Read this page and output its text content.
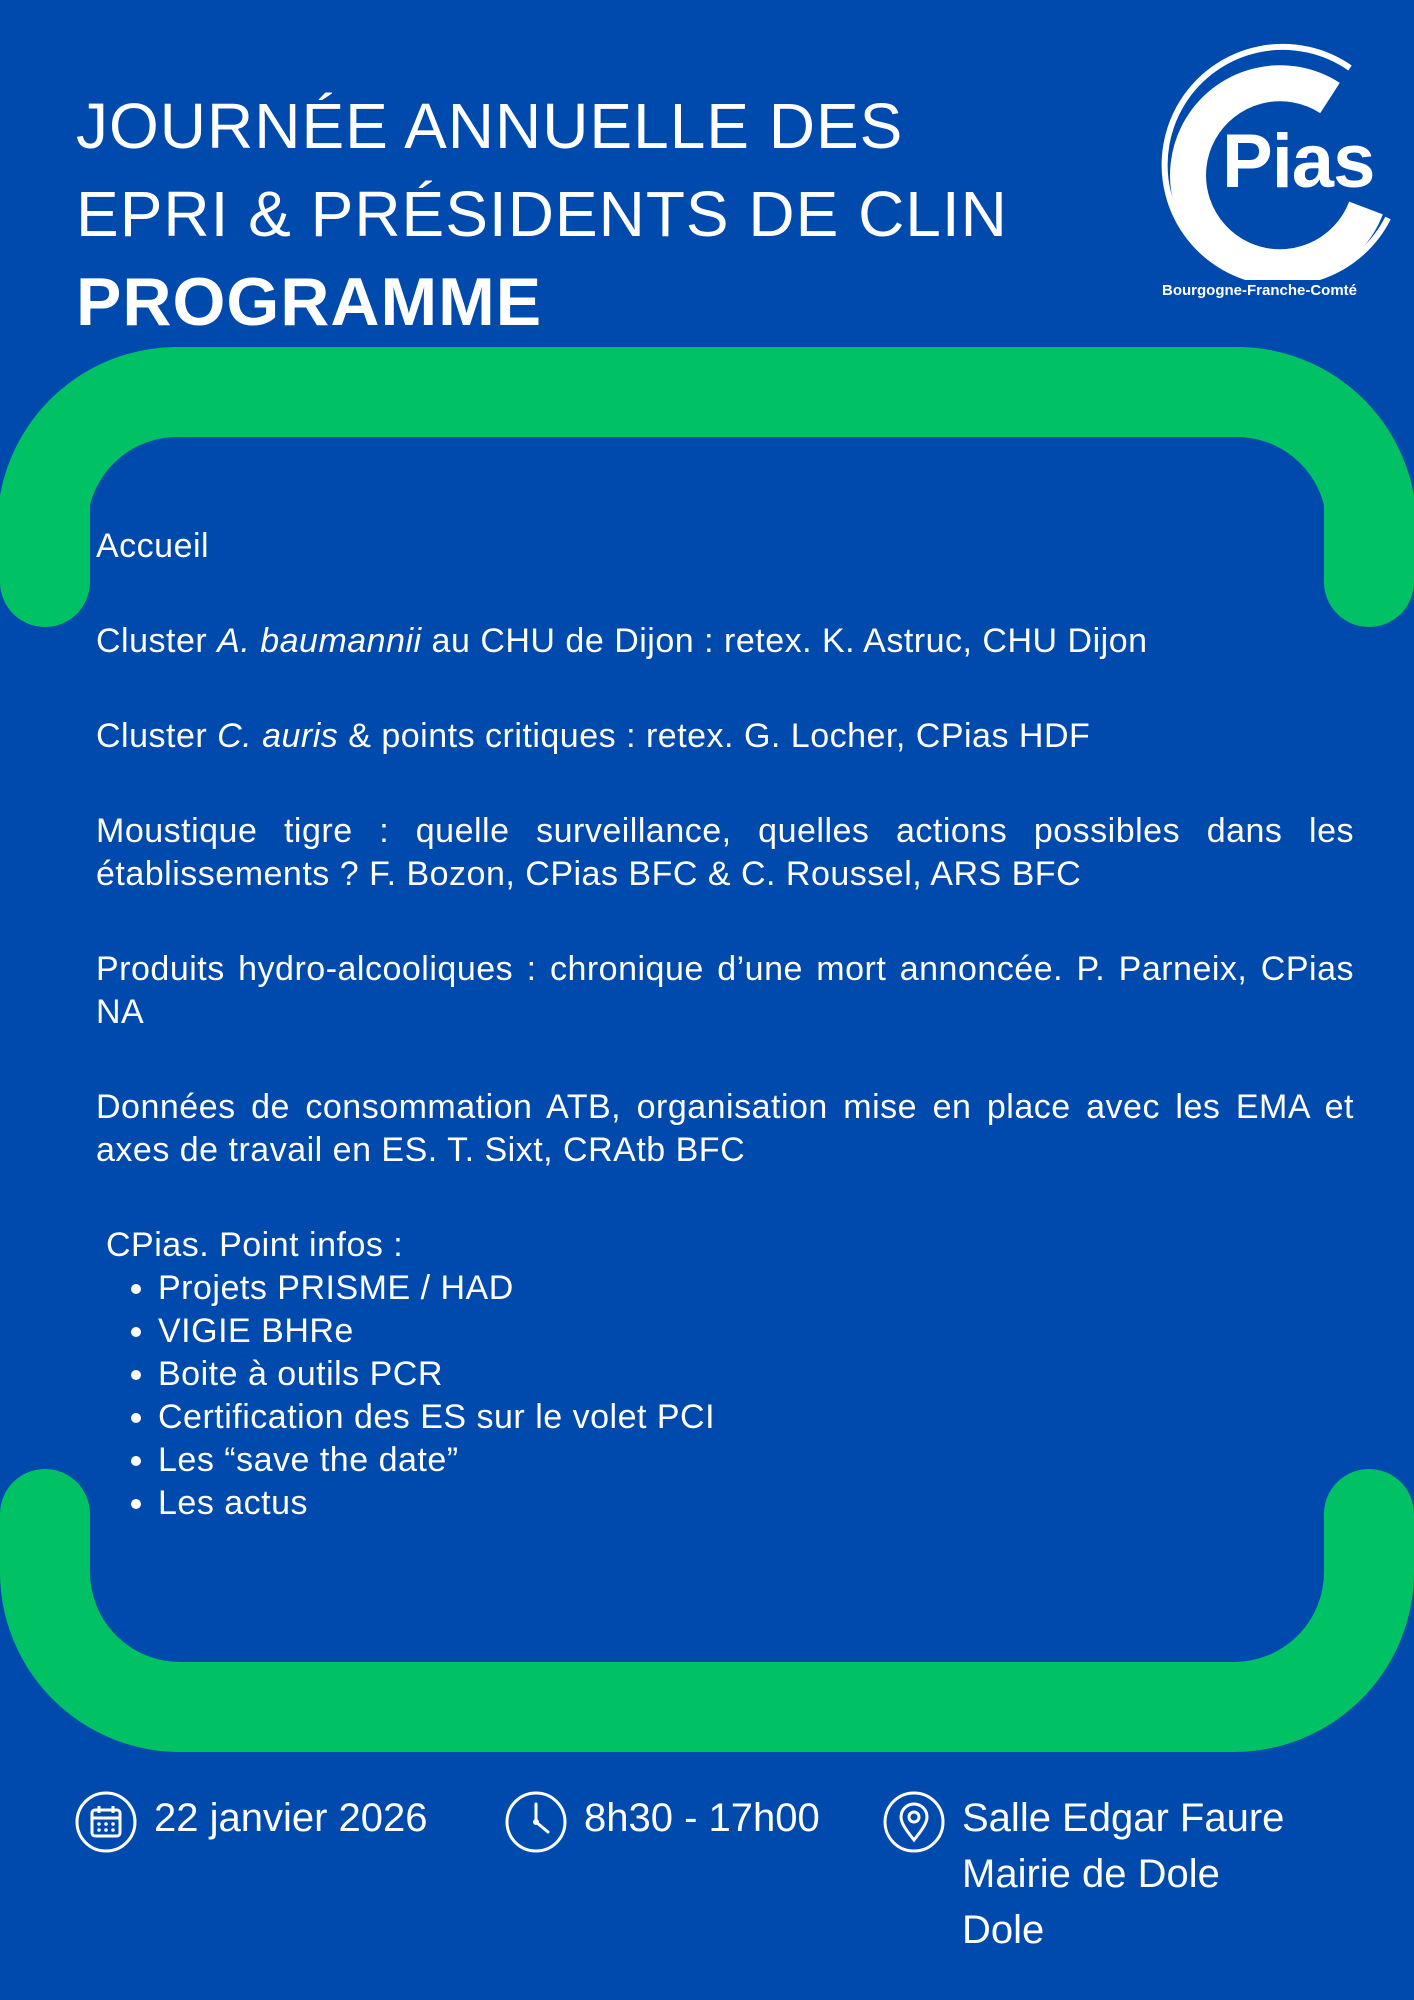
JOURNÉE ANNUELLE DES
EPRI & PRÉSIDENTS DE CLIN
PROGRAMME
Pias
Bourgogne-Franche-Comté
Accueil
Cluster A. baumannii au CHU de Dijon : retex. K. Astruc, CHU Dijon
Cluster C. auris & points critiques : retex. G. Locher, CPias HDF
Moustique tigre : quelle surveillance, quelles actions possibles dans les établissements ? F. Bozon, CPias BFC & C. Roussel, ARS BFC
Produits hydro-alcooliques : chronique d’une mort annoncée. P. Parneix, CPias NA
Données de consommation ATB, organisation mise en place avec les EMA et axes de travail en ES. T. Sixt, CRAtb BFC
CPias. Point infos :
• Projets PRISME / HAD
• VIGIE BHRe
• Boite à outils PCR
• Certification des ES sur le volet PCI
• Les “save the date”
• Les actus
22 janvier 2026	8h30 - 17h00	Salle Edgar Faure
Mairie de Dole
Dole
